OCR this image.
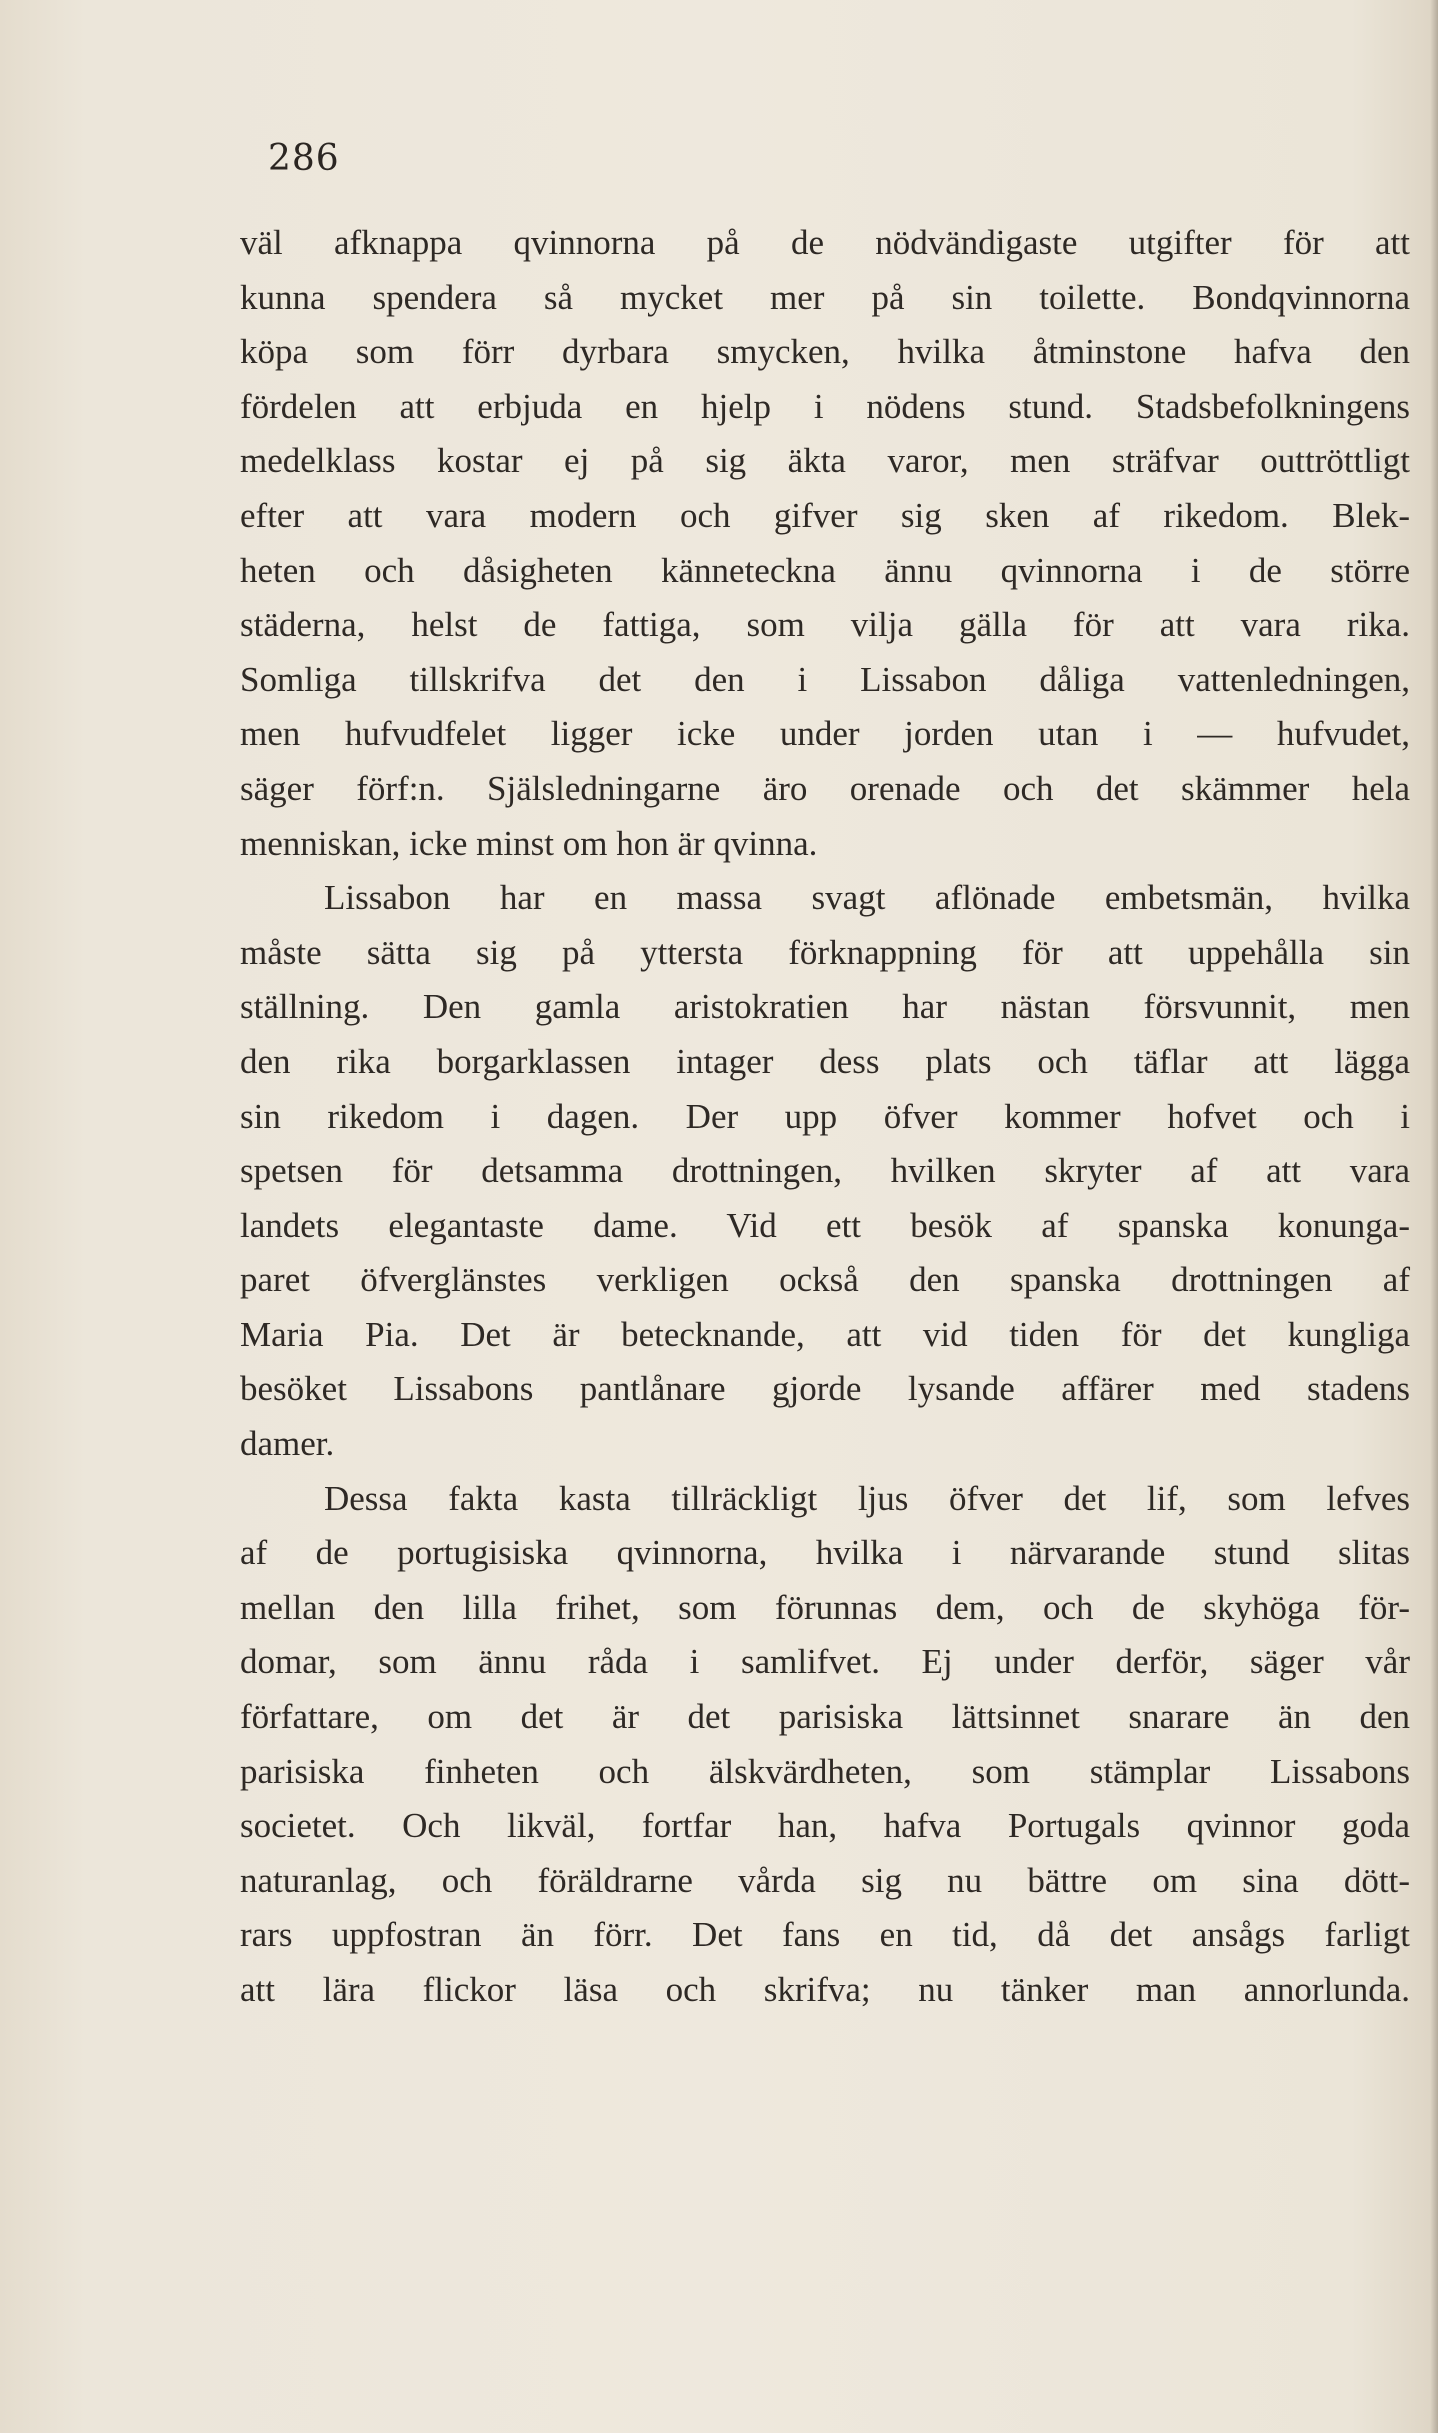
286
väl afknappa qvinnorna på de nödvändigaste utgifter för att
kunna spendera så mycket mer på sin toilette. Bondqvinnorna
köpa som förr dyrbara smycken, hvilka åtminstone hafva den
fördelen att erbjuda en hjelp i nödens stund. Stadsbefolkningens
medelklass kostar ej på sig äkta varor, men sträfvar outtröttligt
efter att vara modern och gifver sig sken af rikedom. Blek-
heten och dåsigheten känneteckna ännu qvinnorna i de större
städerna, helst de fattiga, som vilja gälla för att vara rika.
Somliga tillskrifva det den i Lissabon dåliga vattenledningen,
men hufvudfelet ligger icke under jorden utan i — hufvudet,
säger förf:n. Själsledningarne äro orenade och det skämmer hela
menniskan, icke minst om hon är qvinna.
Lissabon har en massa svagt aflönade embetsmän, hvilka
måste sätta sig på yttersta förknappning för att uppehålla sin
ställning. Den gamla aristokratien har nästan försvunnit, men
den rika borgarklassen intager dess plats och täflar att lägga
sin rikedom i dagen. Der upp öfver kommer hofvet och i
spetsen för detsamma drottningen, hvilken skryter af att vara
landets elegantaste dame. Vid ett besök af spanska konunga-
paret öfverglänstes verkligen också den spanska drottningen af
Maria Pia. Det är betecknande, att vid tiden för det kungliga
besöket Lissabons pantlånare gjorde lysande affärer med stadens
damer.
Dessa fakta kasta tillräckligt ljus öfver det lif, som lefves
af de portugisiska qvinnorna, hvilka i närvarande stund slitas
mellan den lilla frihet, som förunnas dem, och de skyhöga för-
domar, som ännu råda i samlifvet. Ej under derför, säger vår
författare, om det är det parisiska lättsinnet snarare än den
parisiska finheten och älskvärdheten, som stämplar Lissabons
societet. Och likväl, fortfar han, hafva Portugals qvinnor goda
naturanlag, och föräldrarne vårda sig nu bättre om sina dött-
rars uppfostran än förr. Det fans en tid, då det ansågs farligt
att lära flickor läsa och skrifva; nu tänker man annorlunda.
